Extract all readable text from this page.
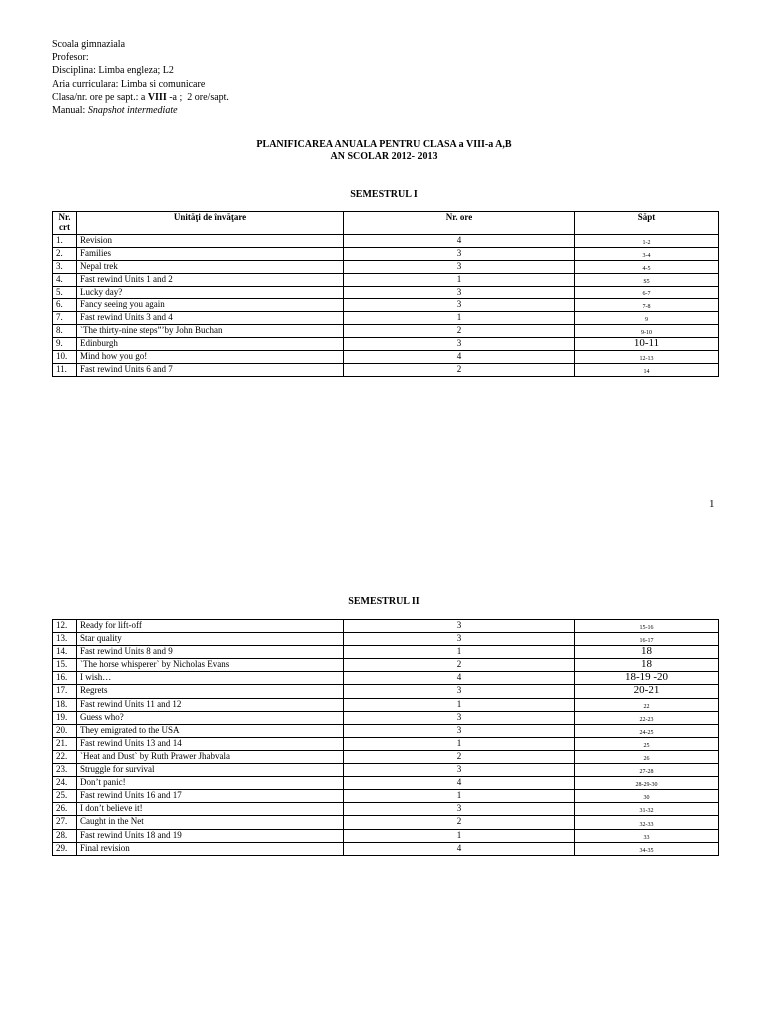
Scoala gimnaziala
Profesor:
Disciplina: Limba engleza; L2
Aria curriculara: Limba si comunicare
Clasa/nr. ore pe sapt.: a VIII -a ;  2 ore/sapt.
Manual: Snapshot intermediate
PLANIFICAREA ANUALA PENTRU CLASA a VIII-a A,B
AN SCOLAR 2012- 2013
SEMESTRUL I
Nr. crt	Unităţi de învăţare	Nr. ore	Săpt
1.	Revision	4	1-2
2.	Families	3	3-4
3.	Nepal trek	3	4-5
4.	Fast rewind Units 1 and 2	1	S5
5.	Lucky day?	3	6-7
6.	Fancy seeing you again	3	7-8
7.	Fast rewind Units 3 and 4	1	9
8.	`The thirty-nine steps”’by John Buchan	2	9-10
9.	Edinburgh	3	10-11
10.	Mind how you go!	4	12-13
11.	Fast rewind Units 6 and 7	2	14
1
SEMESTRUL II
12.	Ready for lift-off	3	15-16
13.	Star quality	3	16-17
14.	Fast rewind Units 8 and 9	1	18
15.	`The horse whisperer` by Nicholas Evans	2	18
16.	I wish…	4	18-19 -20
17.	Regrets	3	20-21
18.	Fast rewind Units 11 and 12	1	22
19.	Guess who?	3	22-23
20.	They emigrated to the USA	3	24-25
21.	Fast rewind Units 13 and 14	1	25
22.	`Heat and Dust` by Ruth Prawer Jhabvala	2	26
23.	Struggle for survival	3	27-28
24.	Don’t panic!	4	28-29-30
25.	Fast rewind Units 16 and 17	1	30
26.	I don’t believe it!	3	31-32
27.	Caught in the Net	2	32-33
28.	Fast rewind Units 18 and 19	1	33
29.	Final revision	4	34-35
